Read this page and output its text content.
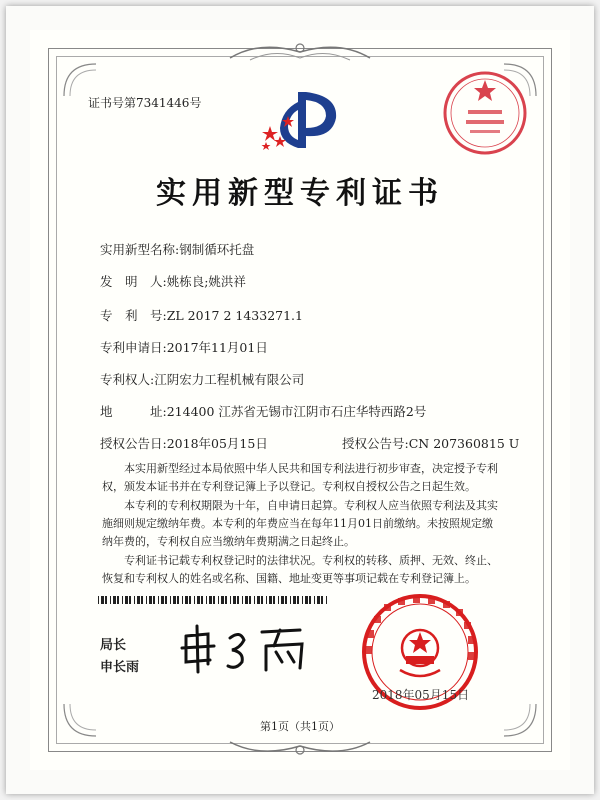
证书号第7341446号
实用新型专利证书
实用新型名称:钢制循环托盘
发　明　人:姚栋良;姚洪祥
专　利　号:ZL 2017 2 1433271.1
专利申请日:2017年11月01日
专利权人:江阴宏力工程机械有限公司
地　　　址:214400 江苏省无锡市江阴市石庄华特西路2号
授权公告日:2018年05月15日	授权公告号:CN 207360815 U
本实用新型经过本局依照中华人民共和国专利法进行初步审查，决定授予专利权，颁发本证书并在专利登记簿上予以登记。专利权自授权公告之日起生效。
本专利的专利权期限为十年，自申请日起算。专利权人应当依照专利法及其实施细则规定缴纳年费。本专利的年费应当在每年11月01日前缴纳。未按照规定缴纳年费的，专利权自应当缴纳年费期满之日起终止。
专利证书记载专利权登记时的法律状况。专利权的转移、质押、无效、终止、恢复和专利权人的姓名或名称、国籍、地址变更等事项记载在专利登记簿上。
局长
申长雨
2018年05月15日
第1页（共1页）
